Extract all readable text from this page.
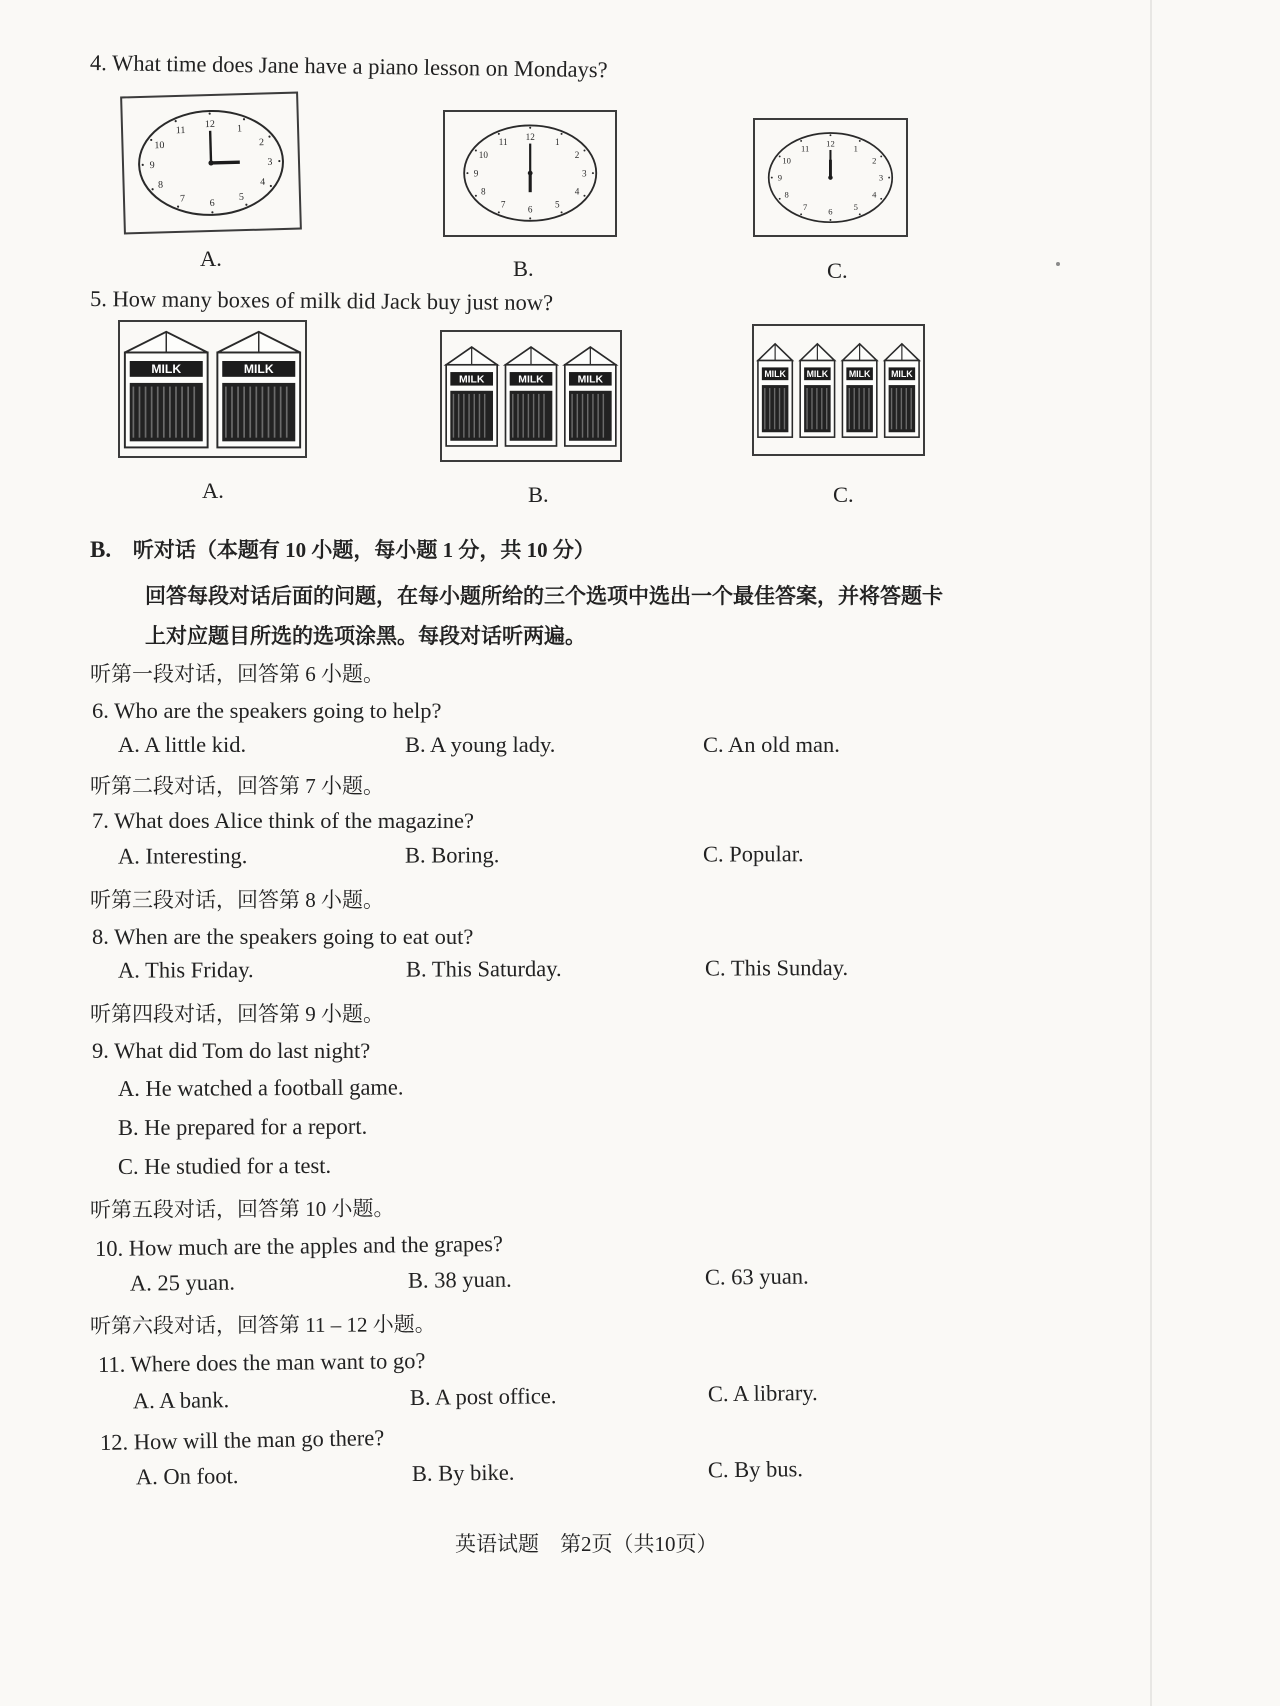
4. What time does Jane have a piano lesson on Mondays?
1
2
3
4
5
6
7
8
9
10
11
12
1
2
3
4
5
6
7
8
9
10
11 12
1
2
3
4
5
6
7
8
9
10
11 12
A.	B.	C.
5. How many boxes of milk did Jack buy just now?
MILK	MILK
MILK	MILK	MILK
MILK MILK MILK MILK
A.	B.	C.
B. 听对话（本题有 10 小题，每小题 1 分，共 10 分）
回答每段对话后面的问题，在每小题所给的三个选项中选出一个最佳答案，并将答题卡
上对应题目所选的选项涂黑。每段对话听两遍。
听第一段对话，回答第 6 小题。
6. Who are the speakers going to help?
A. A little kid.	B. A young lady.	C. An old man.
听第二段对话，回答第 7 小题。
7. What does Alice think of the magazine?
A. Interesting.	B. Boring.	C. Popular.
听第三段对话，回答第 8 小题。
8. When are the speakers going to eat out?
A. This Friday.	B. This Saturday.	C. This Sunday.
听第四段对话，回答第 9 小题。
9. What did Tom do last night?
A. He watched a football game.
B. He prepared for a report.
C. He studied for a test.
听第五段对话，回答第 10 小题。
10. How much are the apples and the grapes?
A. 25 yuan.	B. 38 yuan.	C. 63 yuan.
听第六段对话，回答第 11 – 12 小题。
11. Where does the man want to go?
A. A bank.	B. A post office.	C. A library.
12. How will the man go there?
A. On foot.	B. By bike.	C. By bus.
英语试题　第2页（共10页）
